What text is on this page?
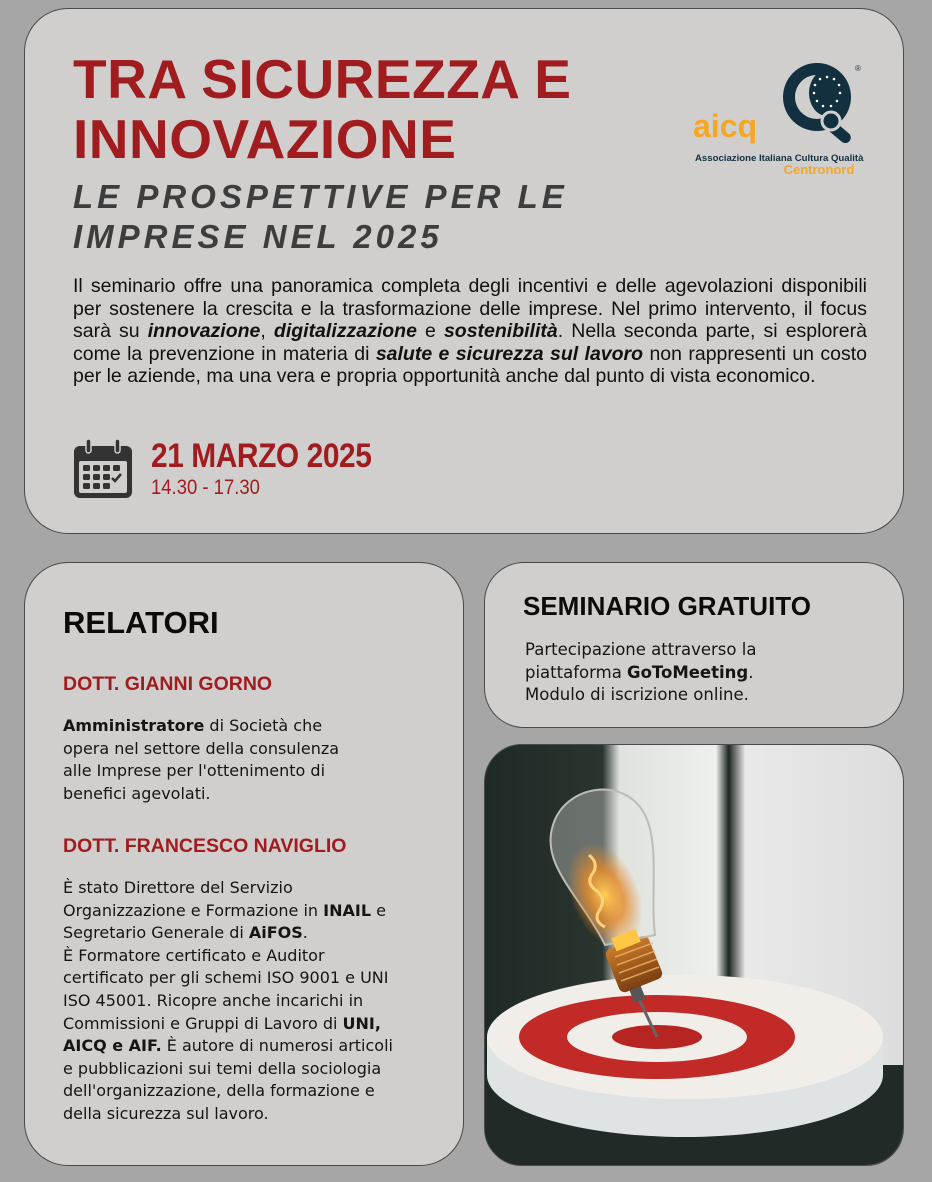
TRA SICUREZZA E
INNOVAZIONE
LE PROSPETTIVE PER LE
IMPRESE NEL 2025
®
aicq
Associazione Italiana Cultura Qualità
Centronord

Il seminario offre una panoramica completa degli incentivi e delle agevolazioni disponibili per sostenere la crescita e la trasformazione delle imprese. Nel primo intervento, il focus sarà su innovazione, digitalizzazione e sostenibilità. Nella seconda parte, si esplorerà come la prevenzione in materia di salute e sicurezza sul lavoro non rappresenti un costo per le aziende, ma una vera e propria opportunità anche dal punto di vista economico.

21 MARZO 2025
14.30 - 17.30
RELATORI
DOTT. GIANNI GORNO
Amministratore di Società che
opera nel settore della consulenza
alle Imprese per l'ottenimento di
benefici agevolati.
DOTT. FRANCESCO NAVIGLIO
È stato Direttore del Servizio
Organizzazione e Formazione in INAIL e
Segretario Generale di AiFOS.
È Formatore certificato e Auditor
certificato per gli schemi ISO 9001 e UNI
ISO 45001. Ricopre anche incarichi in
Commissioni e Gruppi di Lavoro di UNI,
AICQ e AIF. È autore di numerosi articoli
e pubblicazioni sui temi della sociologia
dell'organizzazione, della formazione e
della sicurezza sul lavoro.
SEMINARIO GRATUITO
Partecipazione attraverso la
piattaforma GoToMeeting.
Modulo di iscrizione online.
